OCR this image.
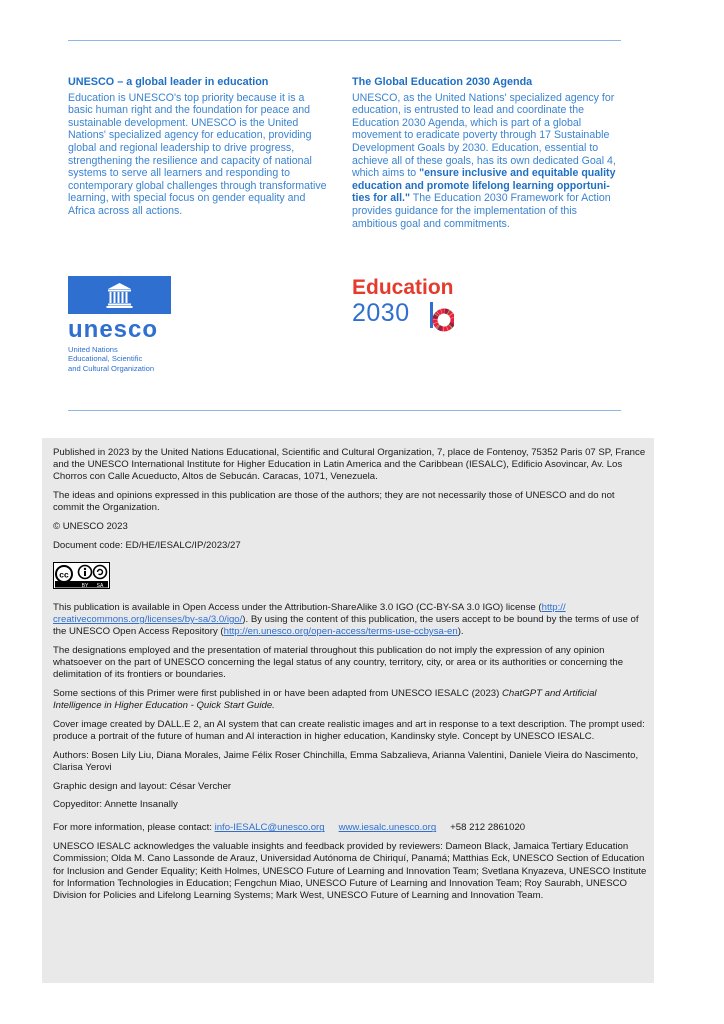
UNESCO – a global leader in education

Education is UNESCO's top priority because it is a basic human right and the foundation for peace and sustainable development. UNESCO is the United Nations' specialized agency for education, providing global and regional leadership to drive progress, strengthening the resilience and capacity of national systems to serve all learners and responding to contemporary global challenges through transformative learning, with special focus on gender equality and Africa across all actions.

The Global Education 2030 Agenda

UNESCO, as the United Nations' specialized agency for education, is entrusted to lead and coordinate the Education 2030 Agenda, which is part of a global movement to eradicate poverty through 17 Sustainable Development Goals by 2030. Education, essential to achieve all of these goals, has its own dedicated Goal 4, which aims to "ensure inclusive and equitable quality education and promote lifelong learning opportuni-ties for all." The Education 2030 Framework for Action provides guidance for the implementation of this ambitious goal and commitments.

unesco
United Nations
Educational, Scientific
and Cultural Organization
Education
2030

Published in 2023 by the United Nations Educational, Scientific and Cultural Organization, 7, place de Fontenoy, 75352 Paris 07 SP, France and the UNESCO International Institute for Higher Education in Latin America and the Caribbean (IESALC), Edificio Asovincar, Av. Los Chorros con Calle Acueducto, Altos de Sebucán. Caracas, 1071, Venezuela.

The ideas and opinions expressed in this publication are those of the authors; they are not necessarily those of UNESCO and do not commit the Organization.

© UNESCO 2023

Document code: ED/HE/IESALC/IP/2023/27

cc
BY SA

This publication is available in Open Access under the Attribution-ShareAlike 3.0 IGO (CC-BY-SA 3.0 IGO) license (http:// creativecommons.org/licenses/by-sa/3.0/igo/). By using the content of this publication, the users accept to be bound by the terms of use of the UNESCO Open Access Repository (http://en.unesco.org/open-access/terms-use-ccbysa-en).

The designations employed and the presentation of material throughout this publication do not imply the expression of any opinion whatsoever on the part of UNESCO concerning the legal status of any country, territory, city, or area or its authorities or concerning the delimitation of its frontiers or boundaries.

Some sections of this Primer were first published in or have been adapted from UNESCO IESALC (2023) ChatGPT and Artificial Intelligence in Higher Education - Quick Start Guide.

Cover image created by DALL.E 2, an AI system that can create realistic images and art in response to a text description. The prompt used: produce a portrait of the future of human and AI interaction in higher education, Kandinsky style. Concept by UNESCO IESALC.

Authors: Bosen Lily Liu, Diana Morales, Jaime Félix Roser Chinchilla, Emma Sabzalieva, Arianna Valentini, Daniele Vieira do Nascimento, Clarisa Yerovi

Graphic design and layout: César Vercher

Copyeditor: Annette Insanally

For more information, please contact: info-IESALC@unesco.org www.iesalc.unesco.org +58 212 2861020

UNESCO IESALC acknowledges the valuable insights and feedback provided by reviewers: Dameon Black, Jamaica Tertiary Education Commission; Olda M. Cano Lassonde de Arauz, Universidad Autónoma de Chiriquí, Panamá; Matthias Eck, UNESCO Section of Education for Inclusion and Gender Equality; Keith Holmes, UNESCO Future of Learning and Innovation Team; Svetlana Knyazeva, UNESCO Institute for Information Technologies in Education; Fengchun Miao, UNESCO Future of Learning and Innovation Team; Roy Saurabh, UNESCO Division for Policies and Lifelong Learning Systems; Mark West, UNESCO Future of Learning and Innovation Team.
